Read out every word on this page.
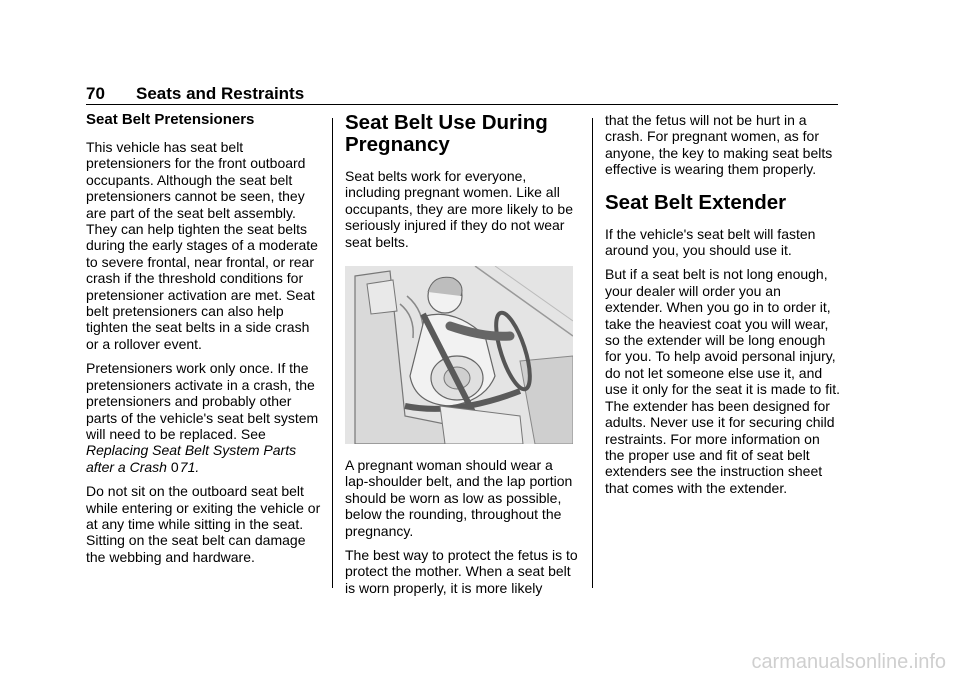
70 Seats and Restraints
Seat Belt Pretensioners

This vehicle has seat belt pretensioners for the front outboard occupants. Although the seat belt pretensioners cannot be seen, they are part of the seat belt assembly. They can help tighten the seat belts during the early stages of a moderate to severe frontal, near frontal, or rear crash if the threshold conditions for pretensioner activation are met. Seat belt pretensioners can also help tighten the seat belts in a side crash or a rollover event.

Pretensioners work only once. If the pretensioners activate in a crash, the pretensioners and probably other parts of the vehicle's seat belt system will need to be replaced. See Replacing Seat Belt System Parts after a Crash 0 71.

Do not sit on the outboard seat belt while entering or exiting the vehicle or at any time while sitting in the seat. Sitting on the seat belt can damage the webbing and hardware.

Seat Belt Use During
Pregnancy

Seat belts work for everyone, including pregnant women. Like all occupants, they are more likely to be seriously injured if they do not wear seat belts.

A pregnant woman should wear a lap-shoulder belt, and the lap portion should be worn as low as possible, below the rounding, throughout the pregnancy.

The best way to protect the fetus is to protect the mother. When a seat belt is worn properly, it is more likely

that the fetus will not be hurt in a crash. For pregnant women, as for anyone, the key to making seat belts effective is wearing them properly.

Seat Belt Extender

If the vehicle's seat belt will fasten around you, you should use it.

But if a seat belt is not long enough, your dealer will order you an extender. When you go in to order it, take the heaviest coat you will wear, so the extender will be long enough for you. To help avoid personal injury, do not let someone else use it, and use it only for the seat it is made to fit. The extender has been designed for adults. Never use it for securing child restraints. For more information on the proper use and fit of seat belt extenders see the instruction sheet that comes with the extender.

carmanualsonline.info
